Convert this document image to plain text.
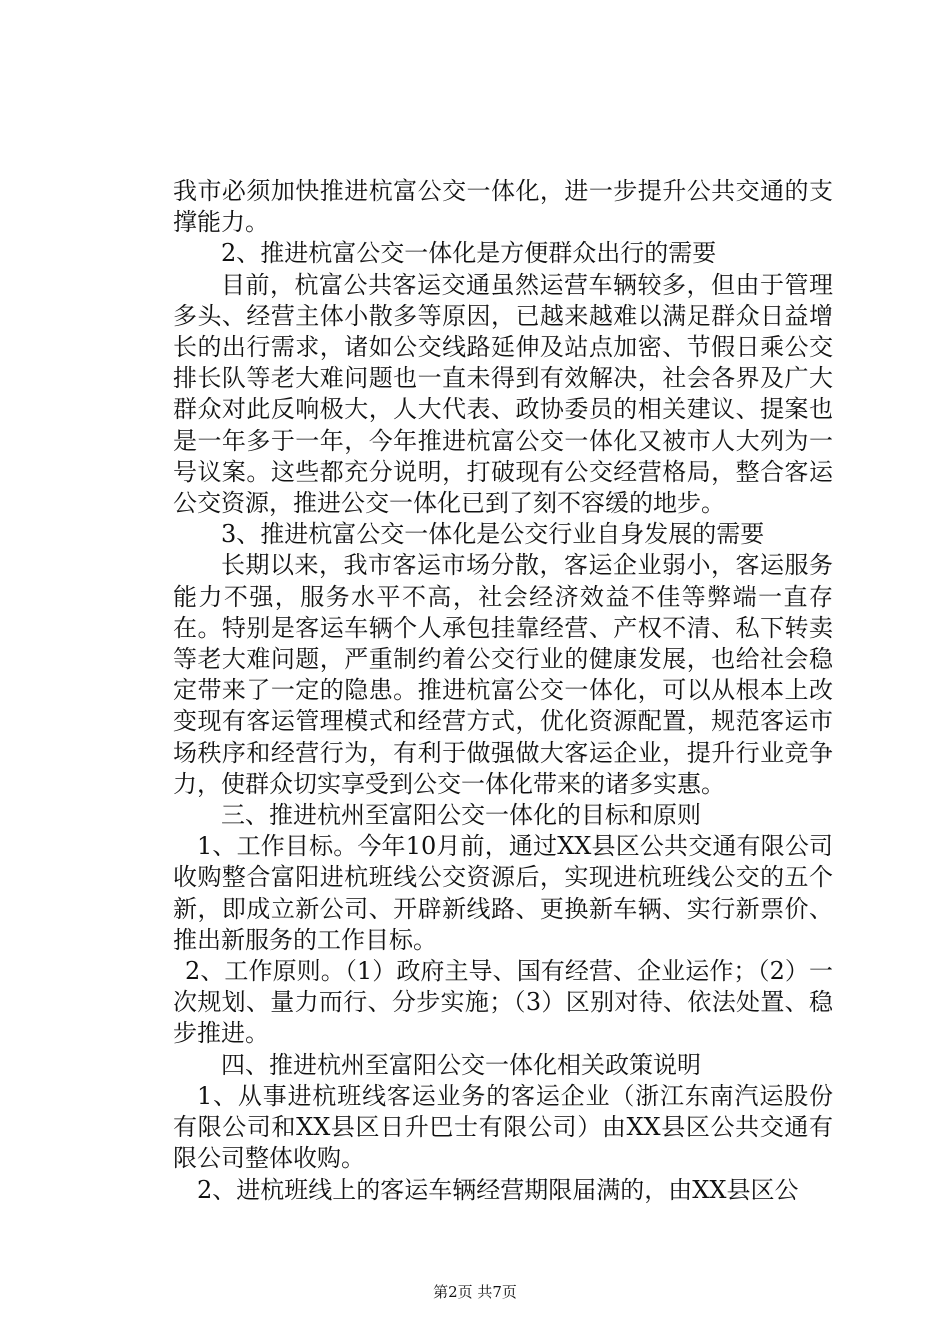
我市必须加快推进杭富公交一体化，进一步提升公共交通的支撑能力。

2、推进杭富公交一体化是方便群众出行的需要

目前，杭富公共客运交通虽然运营车辆较多，但由于管理多头、经营主体小散多等原因，已越来越难以满足群众日益增长的出行需求，诸如公交线路延伸及站点加密、节假日乘公交排长队等老大难问题也一直未得到有效解决，社会各界及广大群众对此反响极大，人大代表、政协委员的相关建议、提案也是一年多于一年，今年推进杭富公交一体化又被市人大列为一号议案。这些都充分说明，打破现有公交经营格局，整合客运公交资源，推进公交一体化已到了刻不容缓的地步。

3、推进杭富公交一体化是公交行业自身发展的需要

长期以来，我市客运市场分散，客运企业弱小，客运服务能力不强，服务水平不高，社会经济效益不佳等弊端一直存在。特别是客运车辆个人承包挂靠经营、产权不清、私下转卖等老大难问题，严重制约着公交行业的健康发展，也给社会稳定带来了一定的隐患。推进杭富公交一体化，可以从根本上改变现有客运管理模式和经营方式，优化资源配置，规范客运市场秩序和经营行为，有利于做强做大客运企业，提升行业竞争力，使群众切实享受到公交一体化带来的诸多实惠。

三、推进杭州至富阳公交一体化的目标和原则

1、工作目标。今年10月前，通过XX县区公共交通有限公司收购整合富阳进杭班线公交资源后，实现进杭班线公交的五个新，即成立新公司、开辟新线路、更换新车辆、实行新票价、推出新服务的工作目标。

2、工作原则。（1）政府主导、国有经营、企业运作；（2）一次规划、量力而行、分步实施；（3）区别对待、依法处置、稳步推进。

四、推进杭州至富阳公交一体化相关政策说明

1、从事进杭班线客运业务的客运企业（浙江东南汽运股份有限公司和XX县区日升巴士有限公司）由XX县区公共交通有限公司整体收购。

2、进杭班线上的客运车辆经营期限届满的，由XX县区公

第2页 共7页
